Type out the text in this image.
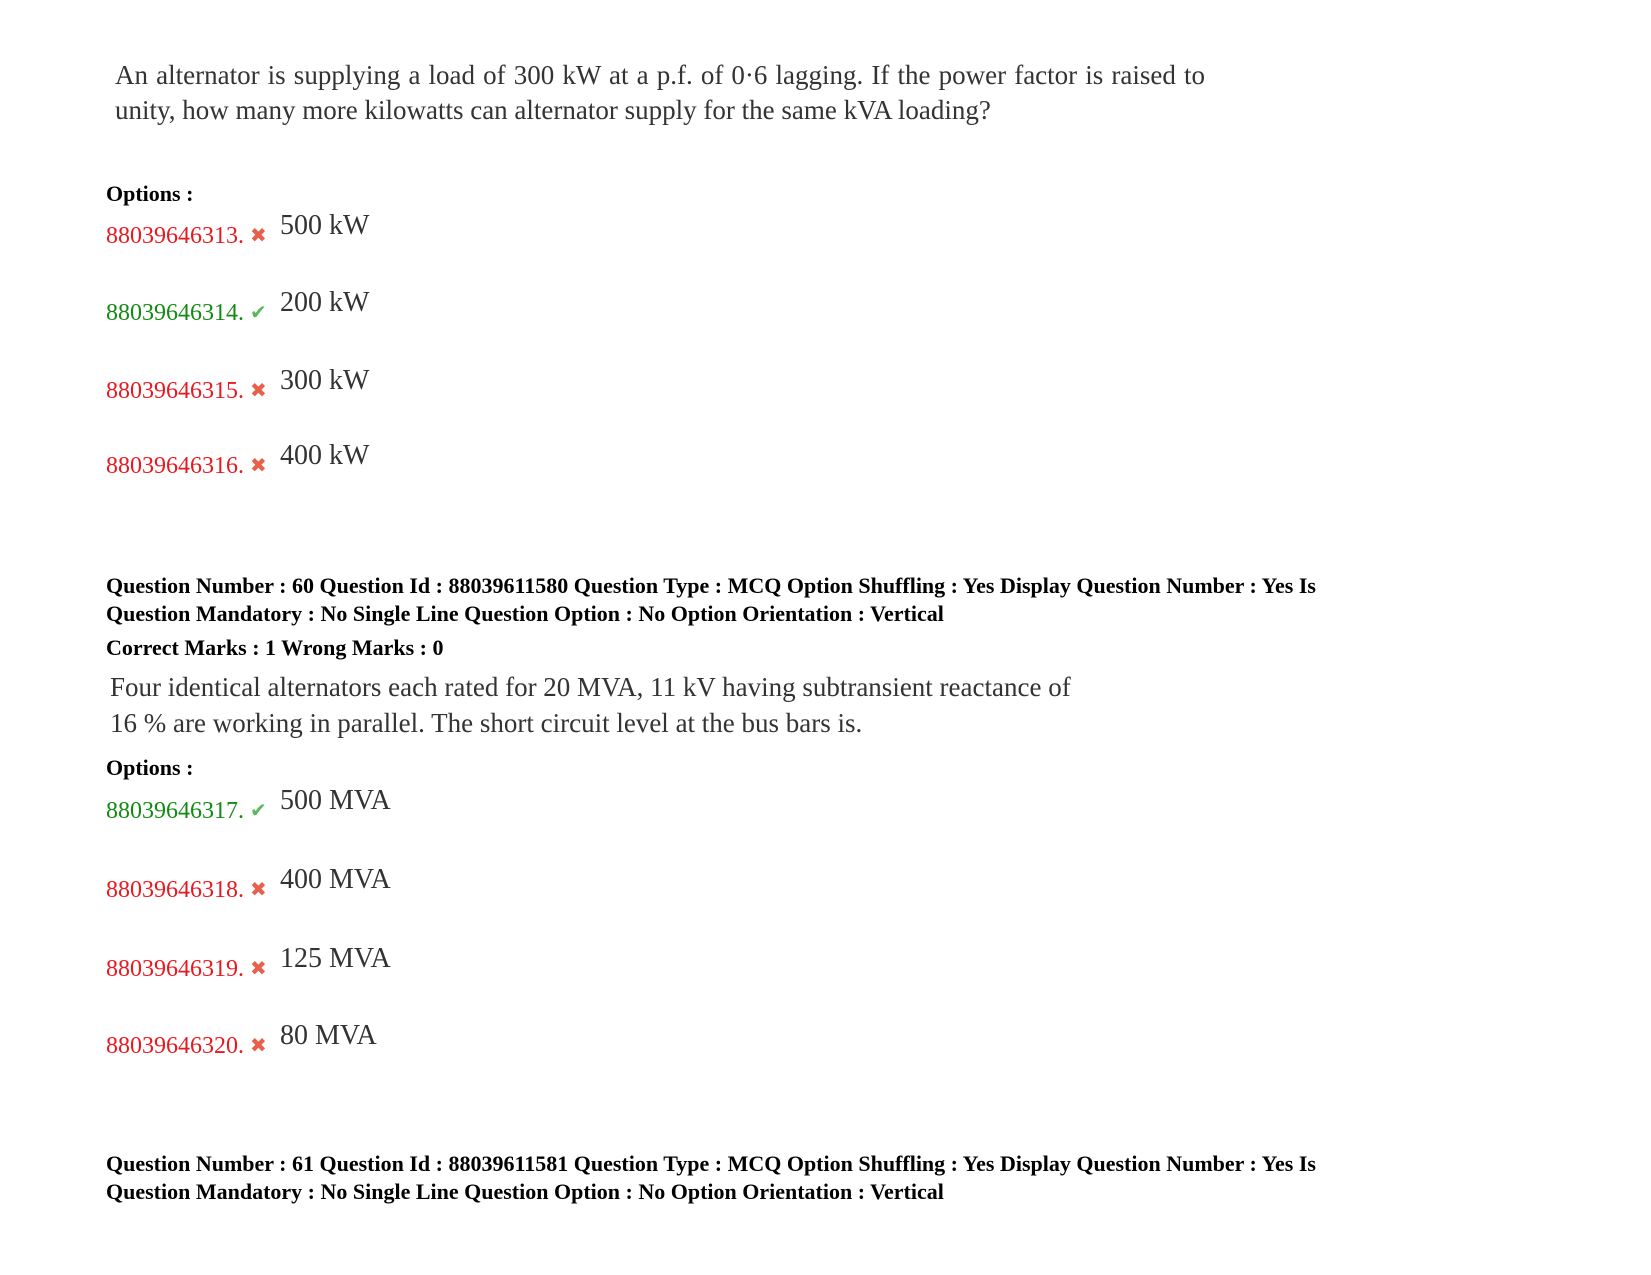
An alternator is supplying a load of 300 kW at a p.f. of 0·6 lagging. If the power factor is raised to unity, how many more kilowatts can alternator supply for the same kVA loading?
Options :
88039646313. ✖ 500 kW
88039646314. ✔ 200 kW
88039646315. ✖ 300 kW
88039646316. ✖ 400 kW
Question Number : 60 Question Id : 88039611580 Question Type : MCQ Option Shuffling : Yes Display Question Number : Yes Is
Question Mandatory : No Single Line Question Option : No Option Orientation : Vertical
Correct Marks : 1 Wrong Marks : 0
Four identical alternators each rated for 20 MVA, 11 kV having subtransient reactance of
16 % are working in parallel. The short circuit level at the bus bars is.
Options :
88039646317. ✔ 500 MVA
88039646318. ✖ 400 MVA
88039646319. ✖ 125 MVA
88039646320. ✖ 80 MVA
Question Number : 61 Question Id : 88039611581 Question Type : MCQ Option Shuffling : Yes Display Question Number : Yes Is
Question Mandatory : No Single Line Question Option : No Option Orientation : Vertical
